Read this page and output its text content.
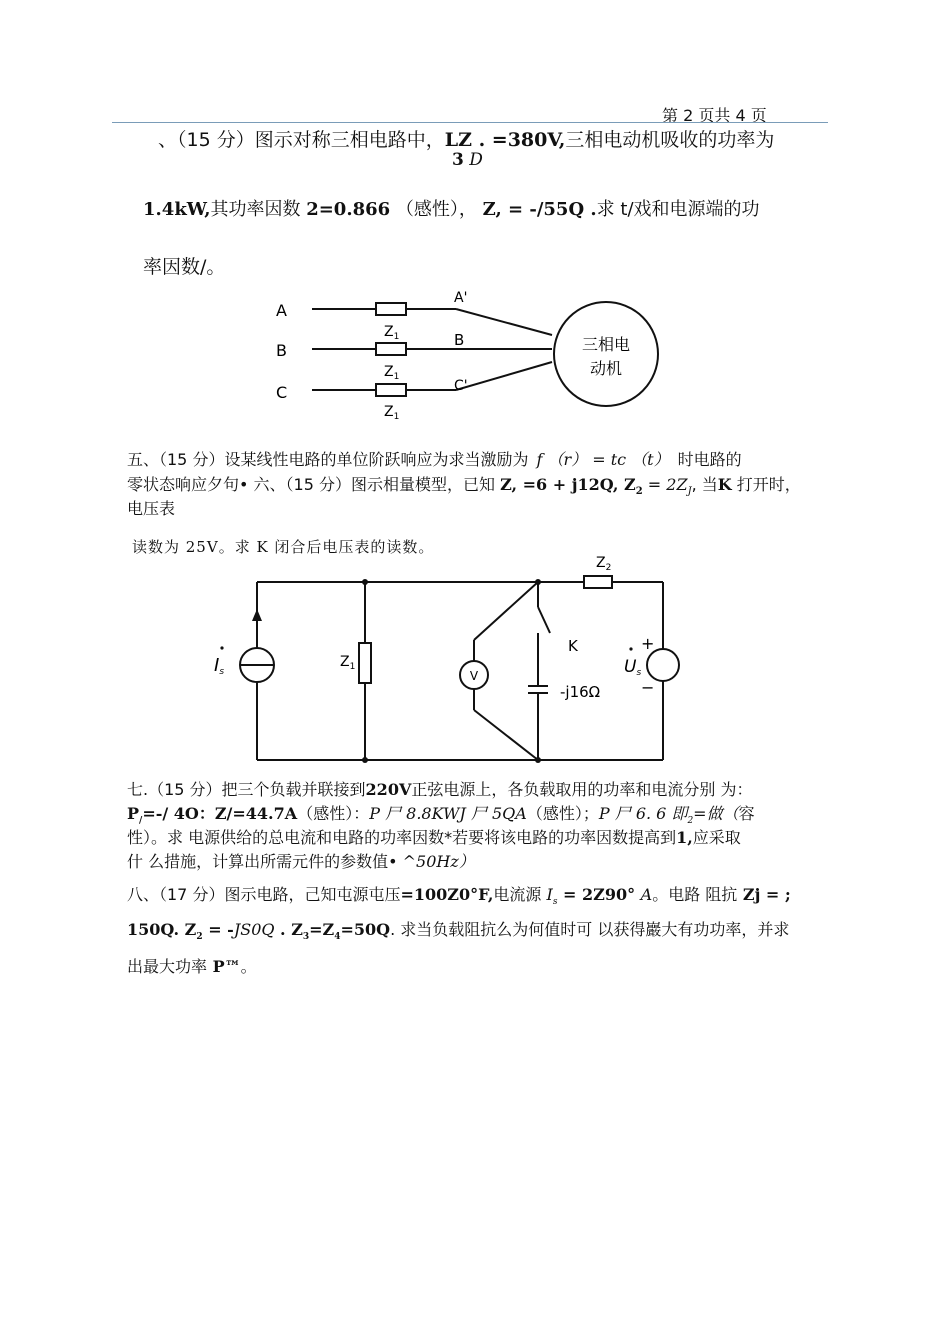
第 2 页共 4 页
、（15 分）图示对称三相电路中，LZ . =380V,三相电动机吸收的功率为
3 D
1.4kW,其功率因数 2=0.866 （感性）， Z, = -/55Q .求 t/戏和电源端的功
率因数/。
A
B
C
A'
B
C'
$Z_1$
$Z_1$
$Z_1$
三相电
动机
五、（15 分）设某线性电路的单位阶跃响应为求当激励为 f （r） = tc （t） 时电路的
零状态响应夕句• 六、（15 分）图示相量模型，已知 Z, =6 + j12Q, $Z_2 = 2Z_J$, 当K 打开时，
电压表
读数为 25V。求 K 闭合后电压表的读数。
Is
$Z_1$
$Z_2$
V
K
-j16Ω
Us
+
−
七.（15 分）把三个负载并联接到220V正弦电源上，各负载取用的功率和电流分别 为：
$P_/=-/$ 4O：Z/=44.7A（感性）：P 尸 8.8KWJ 尸 5QA（感性）；P 尸 6. 6 即$_2$=做（容
性）。求 电源供给的总电流和电路的功率因数*若要将该电路的功率因数提高到1,应采取
什 么措施，计算出所需元件的参数值• ^50Hz）
八、（17 分）图示电路，己知屯源屯压=100Z0°F,电流源 $I_s = 2Z90^\circ$ A。电路 阻抗 Zj = ;
150Q. $Z_2 = -JS0Q$ . $Z_3=Z_4=50Q$. 求当负载阻抗么为何值时可 以获得巖大有功功率，并求
出最大功率 P™。
